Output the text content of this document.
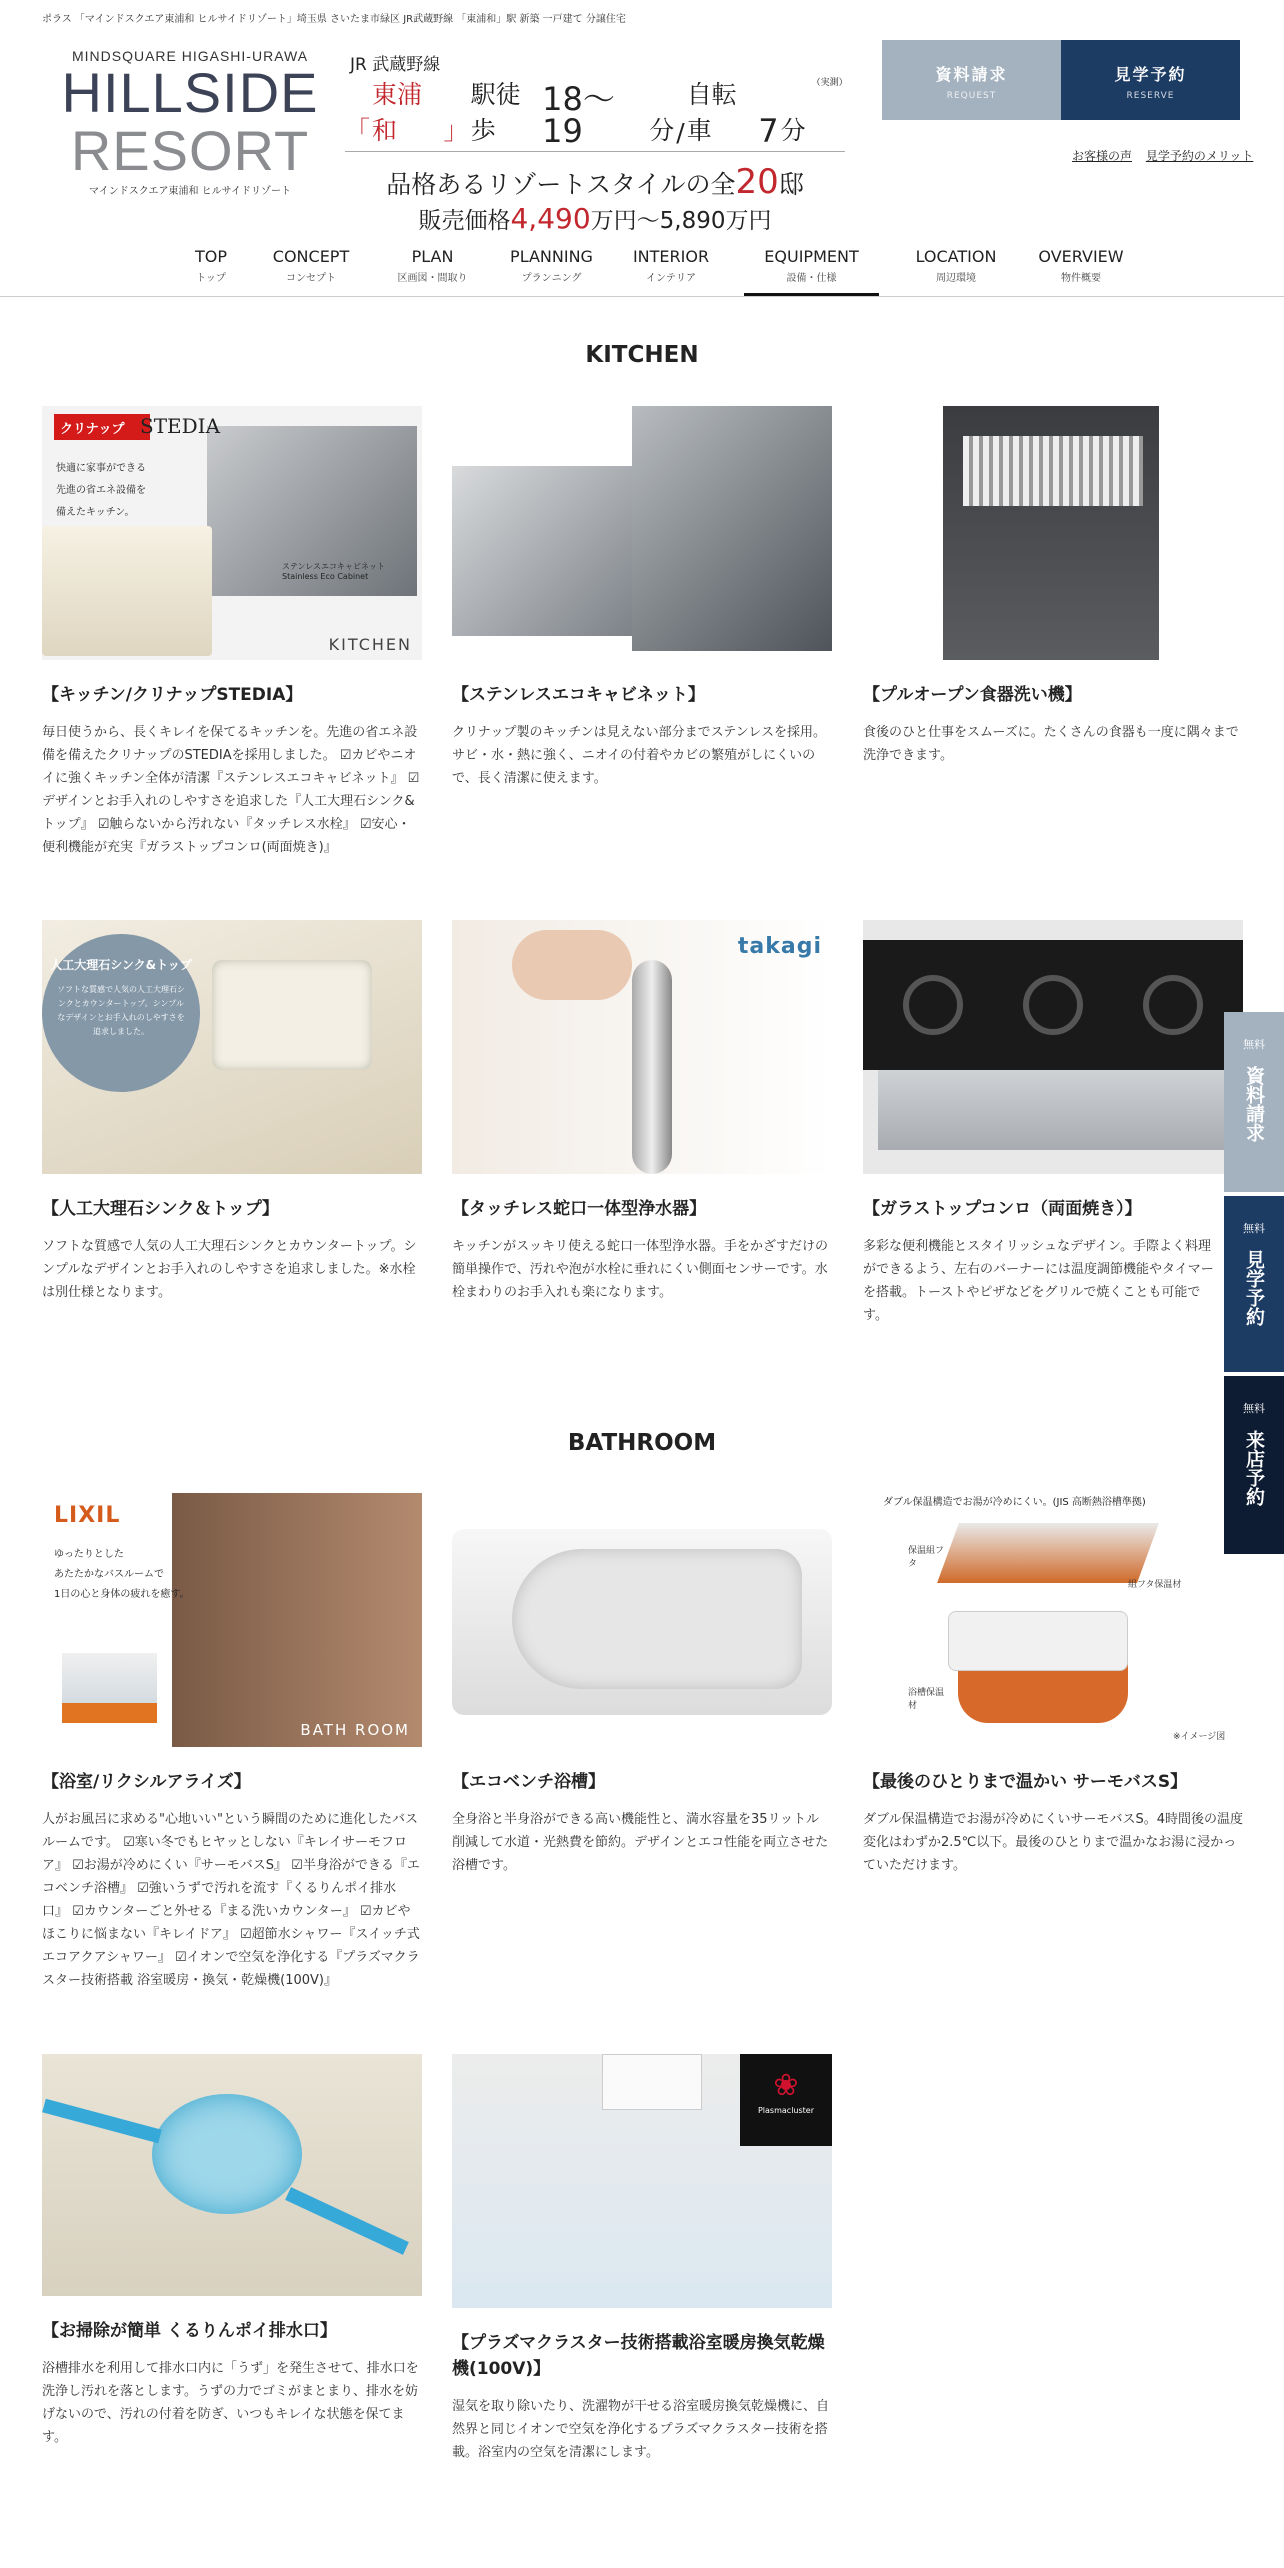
ポラス 「マインドスクエア東浦和 ヒルサイドリゾート」埼玉県 さいたま市緑区 JR武蔵野線 「東浦和」駅 新築 一戸建て 分譲住宅
MINDSQUARE HIGASHI-URAWA
HILLSIDE
RESORT
マインドスクエア東浦和 ヒルサイドリゾート
JR 武蔵野線
「
東浦和	」
駅徒歩
18～19	分 /
自転車	7 分
（実測）
品格あるリゾートスタイルの全20邸
販売価格4,490万円～5,890万円
資料請求
REQUEST
見学予約
RESERVE
お客様の声 見学予約のメリット
TOP
トップ
CONCEPT
コンセプト
PLAN
区画図・間取り
PLANNING
プランニング
INTERIOR
インテリア
EQUIPMENT
設備・仕様
LOCATION
周辺環境
OVERVIEW
物件概要
KITCHEN
クリナップ STEDIA
快適に家事ができる
先進の省エネ設備を
備えたキッチン。
ステンレスエコキャビネット Stainless Eco Cabinet
KITCHEN
【キッチン/クリナップSTEDIA】
毎日使うから、長くキレイを保てるキッチンを。先進の省エネ設備を備えたクリナップのSTEDIAを採用しました。 ☑カビやニオイに強くキッチン全体が清潔『ステンレスエコキャビネット』 ☑デザインとお手入れのしやすさを追求した『人工大理石シンク&トップ』 ☑触らないから汚れない『タッチレス水栓』 ☑安心・便利機能が充実『ガラストップコンロ(両面焼き)』
【ステンレスエコキャビネット】
クリナップ製のキッチンは見えない部分までステンレスを採用。サビ・水・熱に強く、ニオイの付着やカビの繁殖がしにくいので、長く清潔に使えます。
【プルオープン食器洗い機】
食後のひと仕事をスムーズに。たくさんの食器も一度に隅々まで洗浄できます。
人工大理石シンク&トップ
ソフトな質感で人気の人工大理石シンクとカウンタートップ。シンプルなデザインとお手入れのしやすさを追求しました。
【人工大理石シンク＆トップ】
ソフトな質感で人気の人工大理石シンクとカウンタートップ。シンプルなデザインとお手入れのしやすさを追求しました。※水栓は別仕様となります。
takagi
【タッチレス蛇口一体型浄水器】
キッチンがスッキリ使える蛇口一体型浄水器。手をかざすだけの簡単操作で、汚れや泡が水栓に垂れにくい側面センサーです。水栓まわりのお手入れも楽になります。
【ガラストップコンロ（両面焼き）】
多彩な便利機能とスタイリッシュなデザイン。手際よく料理ができるよう、左右のバーナーには温度調節機能やタイマーを搭載。トーストやピザなどをグリルで焼くことも可能です。
BATHROOM
LIXIL
ゆったりとした
あたたかなバスルームで
1日の心と身体の疲れを癒す。
BATH ROOM
【浴室/リクシルアライズ】
人がお風呂に求める"心地いい"という瞬間のために進化したバスルームです。 ☑寒い冬でもヒヤッとしない『キレイサーモフロア』 ☑お湯が冷めにくい『サーモバスS』 ☑半身浴ができる『エコベンチ浴槽』 ☑強いうずで汚れを流す『くるりんポイ排水口』 ☑カウンターごと外せる『まる洗いカウンター』 ☑カビやほこりに悩まない『キレイドア』 ☑超節水シャワー『スイッチ式エコアクアシャワー』 ☑イオンで空気を浄化する『プラズマクラスター技術搭載 浴室暖房・換気・乾燥機(100V)』
【エコベンチ浴槽】
全身浴と半身浴ができる高い機能性と、満水容量を35リットル削減して水道・光熱費を節約。デザインとエコ性能を両立させた浴槽です。
ダブル保温構造でお湯が冷めにくい。(JIS 高断熱浴槽準拠)
保温組フタ
組フタ保温材
浴槽保温材
※イメージ図
【最後のひとりまで温かい サーモバスS】
ダブル保温構造でお湯が冷めにくいサーモバスS。4時間後の温度変化はわずか2.5℃以下。最後のひとりまで温かなお湯に浸かっていただけます。
【お掃除が簡単 くるりんポイ排水口】
浴槽排水を利用して排水口内に「うず」を発生させて、排水口を洗浄し汚れを落とします。うずの力でゴミがまとまり、排水を妨げないので、汚れの付着を防ぎ、いつもキレイな状態を保てます。
❀
Plasmacluster
【プラズマクラスター技術搭載浴室暖房換気乾燥機(100V)】
湿気を取り除いたり、洗濯物が干せる浴室暖房換気乾燥機に、自然界と同じイオンで空気を浄化するプラズマクラスター技術を搭載。浴室内の空気を清潔にします。
無料
資料請求
無料
見学予約
無料
来店予約
